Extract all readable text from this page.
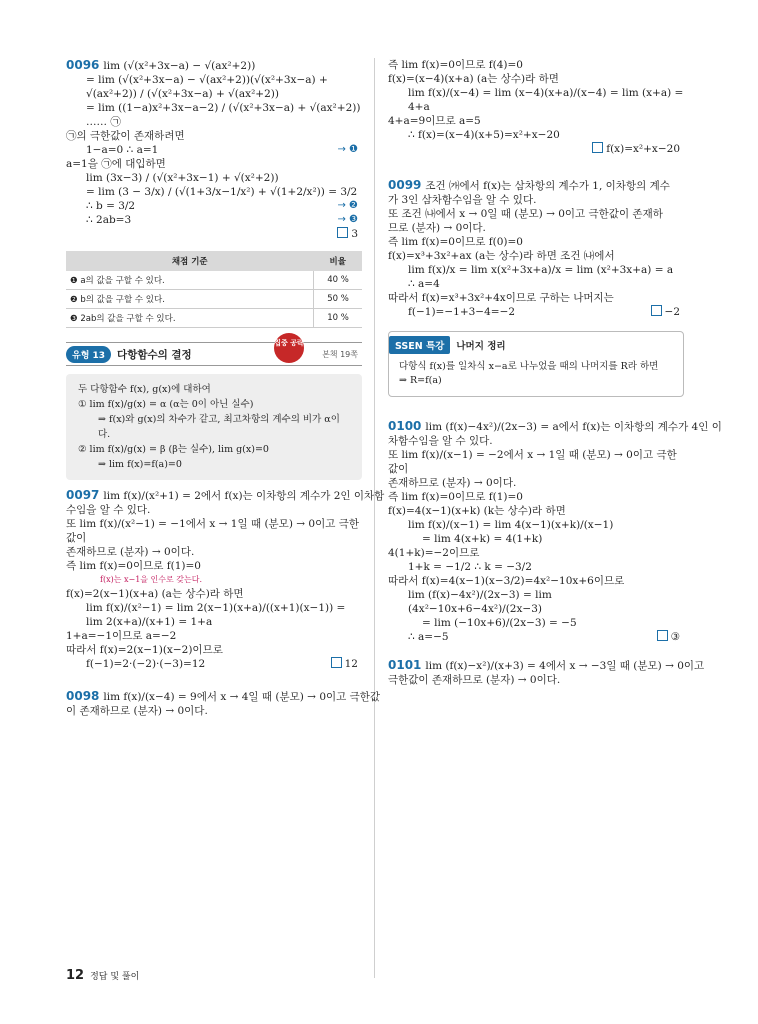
0096 lim (√(x²+3x−a) − √(ax²+2))
= lim (√(x²+3x−a) − √(ax²+2))(√(x²+3x−a) + √(ax²+2)) / (√(x²+3x−a) + √(ax²+2))
= lim ((1−a)x²+3x−a−2) / (√(x²+3x−a) + √(ax²+2)) …… ㉠
㉠의 극한값이 존재하려면
1−a=0 ∴ a=1	→ ❶
a=1을 ㉠에 대입하면
lim (3x−3) / (√(x²+3x−1) + √(x²+2))
= lim (3 − 3/x) / (√(1+3/x−1/x²) + √(1+2/x²)) = 3/2
∴ b = 3/2	→ ❷
∴ 2ab=3	→ ❸
3
채점 기준	비율
❶ a의 값을 구할 수 있다.	40 %
❷ b의 값을 구할 수 있다.	50 %
❸ 2ab의 값을 구할 수 있다.	10 %
유형 13	다항함수의 결정
집중 공략
본책 19쪽
두 다항함수 f(x), g(x)에 대하여
① lim f(x)/g(x) = α (α는 0이 아닌 실수)
⇒ f(x)와 g(x)의 차수가 같고, 최고차항의 계수의 비가 α이
다.
② lim f(x)/g(x) = β (β는 실수), lim g(x)=0
⇒ lim f(x)=f(a)=0
0097 lim f(x)/(x²+1) = 2에서 f(x)는 이차항의 계수가 2인 이차함
수임을 알 수 있다.
또 lim f(x)/(x²−1) = −1에서 x → 1일 때 (분모) → 0이고 극한값이
존재하므로 (분자) → 0이다.
즉 lim f(x)=0이므로 f(1)=0
f(x)는 x−1을 인수로 갖는다.
f(x)=2(x−1)(x+a) (a는 상수)라 하면
lim f(x)/(x²−1) = lim 2(x−1)(x+a)/((x+1)(x−1)) = lim 2(x+a)/(x+1) = 1+a
1+a=−1이므로 a=−2
따라서 f(x)=2(x−1)(x−2)이므로
f(−1)=2·(−2)·(−3)=12	12
0098 lim f(x)/(x−4) = 9에서 x → 4일 때 (분모) → 0이고 극한값
이 존재하므로 (분자) → 0이다.
즉 lim f(x)=0이므로 f(4)=0
f(x)=(x−4)(x+a) (a는 상수)라 하면
lim f(x)/(x−4) = lim (x−4)(x+a)/(x−4) = lim (x+a) = 4+a
4+a=9이므로 a=5
∴ f(x)=(x−4)(x+5)=x²+x−20
f(x)=x²+x−20
0099 조건 ㈎에서 f(x)는 삼차항의 계수가 1, 이차항의 계수
가 3인 삼차함수임을 알 수 있다.
또 조건 ㈏에서 x → 0일 때 (분모) → 0이고 극한값이 존재하
므로 (분자) → 0이다.
즉 lim f(x)=0이므로 f(0)=0
f(x)=x³+3x²+ax (a는 상수)라 하면 조건 ㈏에서
lim f(x)/x = lim x(x²+3x+a)/x = lim (x²+3x+a) = a
∴ a=4
따라서 f(x)=x³+3x²+4x이므로 구하는 나머지는
f(−1)=−1+3−4=−2	−2
SSEN 특강	나머지 정리
다항식 f(x)를 일차식 x−a로 나누었을 때의 나머지를 R라 하면
⇒ R=f(a)
0100 lim (f(x)−4x²)/(2x−3) = a에서 f(x)는 이차항의 계수가 4인 이
차함수임을 알 수 있다.
또 lim f(x)/(x−1) = −2에서 x → 1일 때 (분모) → 0이고 극한값이
존재하므로 (분자) → 0이다.
즉 lim f(x)=0이므로 f(1)=0
f(x)=4(x−1)(x+k) (k는 상수)라 하면
lim f(x)/(x−1) = lim 4(x−1)(x+k)/(x−1)
= lim 4(x+k) = 4(1+k)
4(1+k)=−2이므로
1+k = −1/2 ∴ k = −3/2
따라서 f(x)=4(x−1)(x−3/2)=4x²−10x+6이므로
lim (f(x)−4x²)/(2x−3) = lim (4x²−10x+6−4x²)/(2x−3)
= lim (−10x+6)/(2x−3) = −5
∴ a=−5	③
0101 lim (f(x)−x²)/(x+3) = 4에서 x → −3일 때 (분모) → 0이고
극한값이 존재하므로 (분자) → 0이다.
12 정답 및 풀이
